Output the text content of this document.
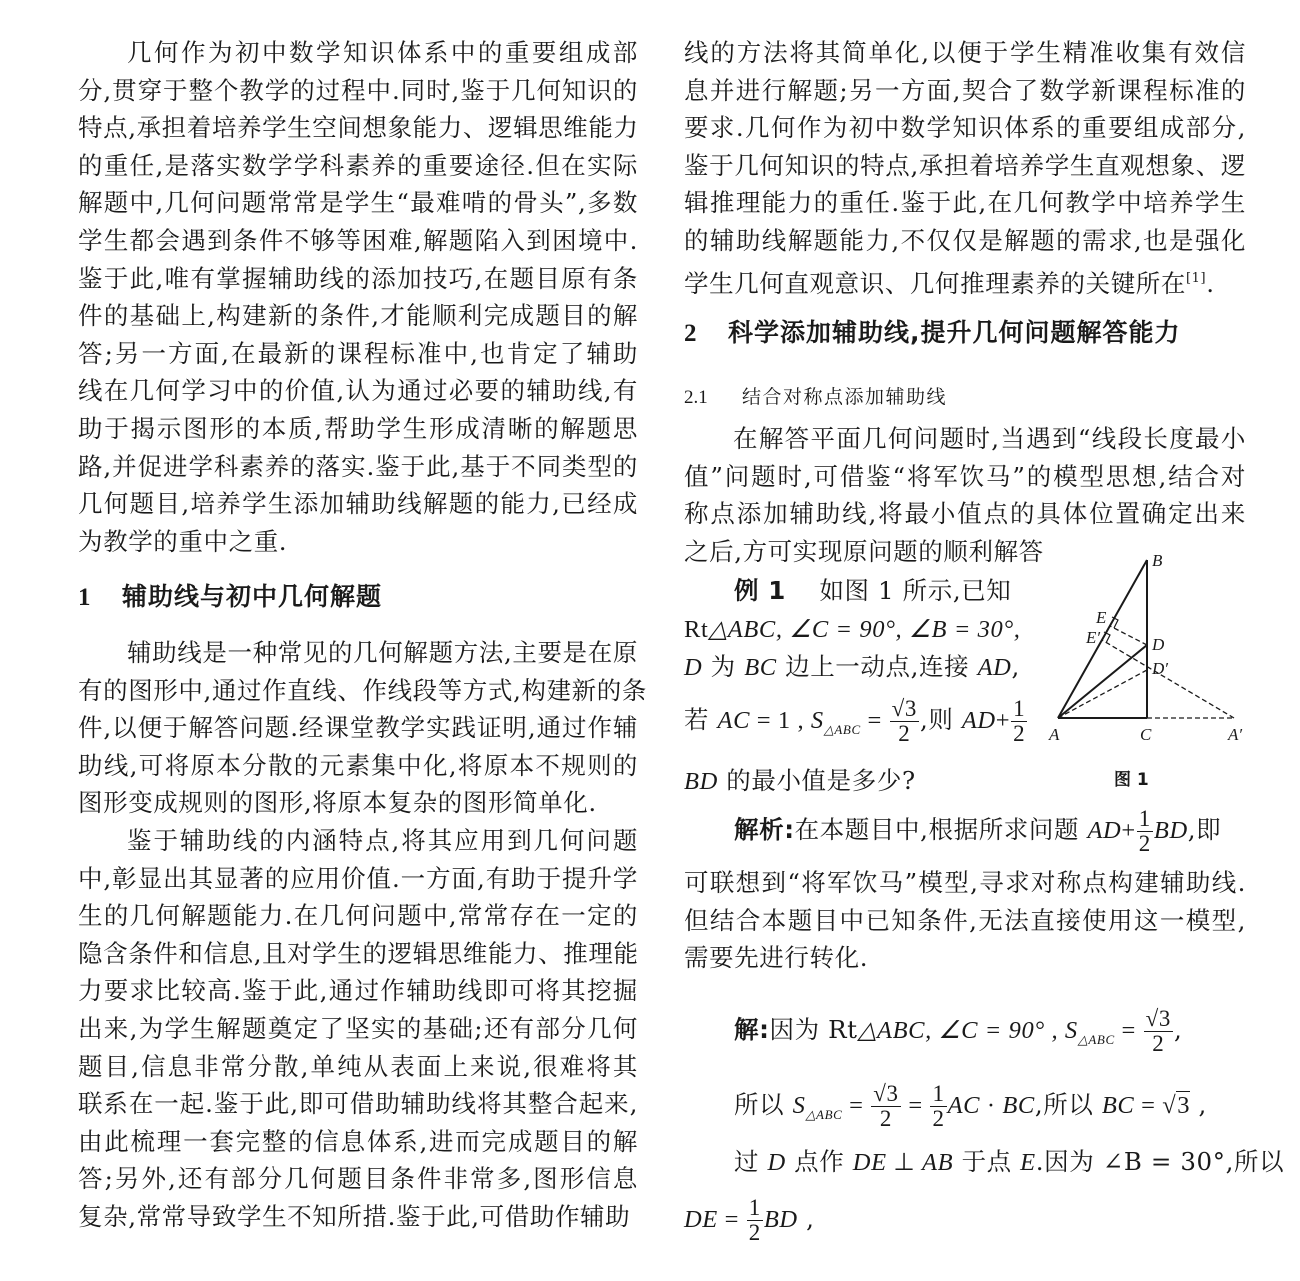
几何作为初中数学知识体系中的重要组成部
分,贯穿于整个教学的过程中.同时,鉴于几何知识的
特点,承担着培养学生空间想象能力、逻辑思维能力
的重任,是落实数学学科素养的重要途径.但在实际
解题中,几何问题常常是学生“最难啃的骨头”,多数
学生都会遇到条件不够等困难,解题陷入到困境中.
鉴于此,唯有掌握辅助线的添加技巧,在题目原有条
件的基础上,构建新的条件,才能顺利完成题目的解
答;另一方面,在最新的课程标准中,也肯定了辅助
线在几何学习中的价值,认为通过必要的辅助线,有
助于揭示图形的本质,帮助学生形成清晰的解题思
路,并促进学科素养的落实.鉴于此,基于不同类型的
几何题目,培养学生添加辅助线解题的能力,已经成
为教学的重中之重.
1 辅助线与初中几何解题
辅助线是一种常见的几何解题方法,主要是在原
有的图形中,通过作直线、作线段等方式,构建新的条
件,以便于解答问题.经课堂教学实践证明,通过作辅
助线,可将原本分散的元素集中化,将原本不规则的
图形变成规则的图形,将原本复杂的图形简单化.
鉴于辅助线的内涵特点,将其应用到几何问题
中,彰显出其显著的应用价值.一方面,有助于提升学
生的几何解题能力.在几何问题中,常常存在一定的
隐含条件和信息,且对学生的逻辑思维能力、推理能
力要求比较高.鉴于此,通过作辅助线即可将其挖掘
出来,为学生解题奠定了坚实的基础;还有部分几何
题目,信息非常分散,单纯从表面上来说,很难将其
联系在一起.鉴于此,即可借助辅助线将其整合起来,
由此梳理一套完整的信息体系,进而完成题目的解
答;另外,还有部分几何题目条件非常多,图形信息
复杂,常常导致学生不知所措.鉴于此,可借助作辅助
线的方法将其简单化,以便于学生精准收集有效信
息并进行解题;另一方面,契合了数学新课程标准的
要求.几何作为初中数学知识体系的重要组成部分,
鉴于几何知识的特点,承担着培养学生直观想象、逻
辑推理能力的重任.鉴于此,在几何教学中培养学生
的辅助线解题能力,不仅仅是解题的需求,也是强化
学生几何直观意识、几何推理素养的关键所在[1].
2 科学添加辅助线,提升几何问题解答能力
2.1 结合对称点添加辅助线
在解答平面几何问题时,当遇到“线段长度最小
值”问题时,可借鉴“将军饮马”的模型思想,结合对
称点添加辅助线,将最小值点的具体位置确定出来
之后,方可实现原问题的顺利解答
例 1 如图 1 所示,已知
Rt△ABC, ∠C = 90°, ∠B = 30°,
D 为 BC 边上一动点,连接 AD,
若 AC = 1 , $S_{\triangle ABC} = \frac{√3}{2}$ ,则 $AD+ \frac{1}{2}$
BD 的最小值是多少?
B
E
E′	D
D′
A	C	A′
图 1
解析:在本题目中,根据所求问题 $AD+ \frac{1}{2}$ BD,即
可联想到“将军饮马”模型,寻求对称点构建辅助线.
但结合本题目中已知条件,无法直接使用这一模型,
需要先进行转化.
解:因为 Rt△ABC, ∠C = 90° , $S_{\triangle ABC} = \frac{√3}{2}$ ,
所以 $S_{\triangle ABC} = \frac{√3}{2} = \frac{1}{2}$ AC · BC,所以 BC = √3 ,
过 D 点作 DE ⊥ AB 于点 E.因为 ∠B = 30°,所以
DE = $\frac{1}{2}$ BD ,
